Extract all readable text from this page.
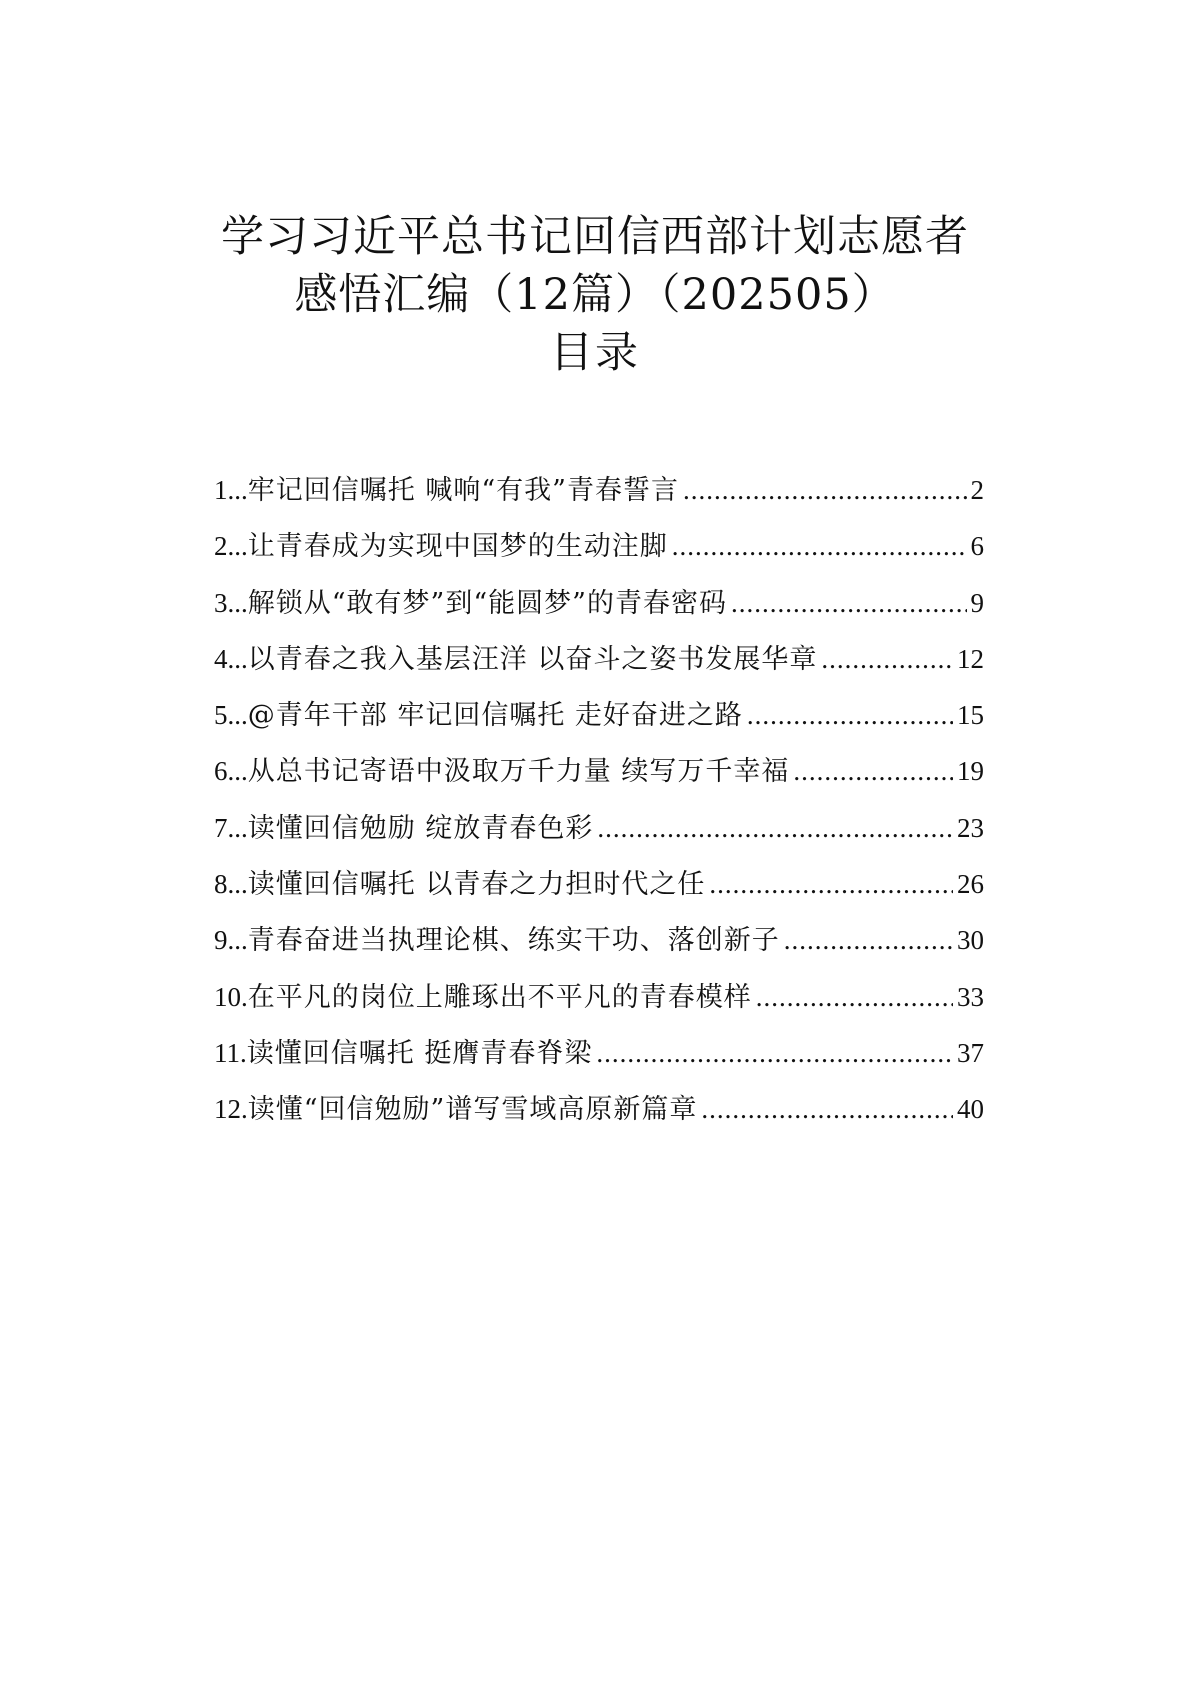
学习习近平总书记回信西部计划志愿者
感悟汇编（12篇）（202505）
目录
1... 牢记回信嘱托 喊响“有我”青春誓言 .....	2
2... 让青春成为实现中国梦的生动注脚 .....	6
3... 解锁从“敢有梦”到“能圆梦”的青春密码 .....	9
4... 以青春之我入基层汪洋 以奋斗之姿书发展华章 .....	12
5... @青年干部 牢记回信嘱托 走好奋进之路 .....	15
6... 从总书记寄语中汲取万千力量 续写万千幸福 .....	19
7... 读懂回信勉励 绽放青春色彩 .....	23
8... 读懂回信嘱托 以青春之力担时代之任 .....	26
9... 青春奋进当执理论棋、练实干功、落创新子 .....	30
10. 在平凡的岗位上雕琢出不平凡的青春模样 .....	33
11. 读懂回信嘱托 挺膺青春脊梁 .....	37
12. 读懂“回信勉励”谱写雪域高原新篇章 .....	40
